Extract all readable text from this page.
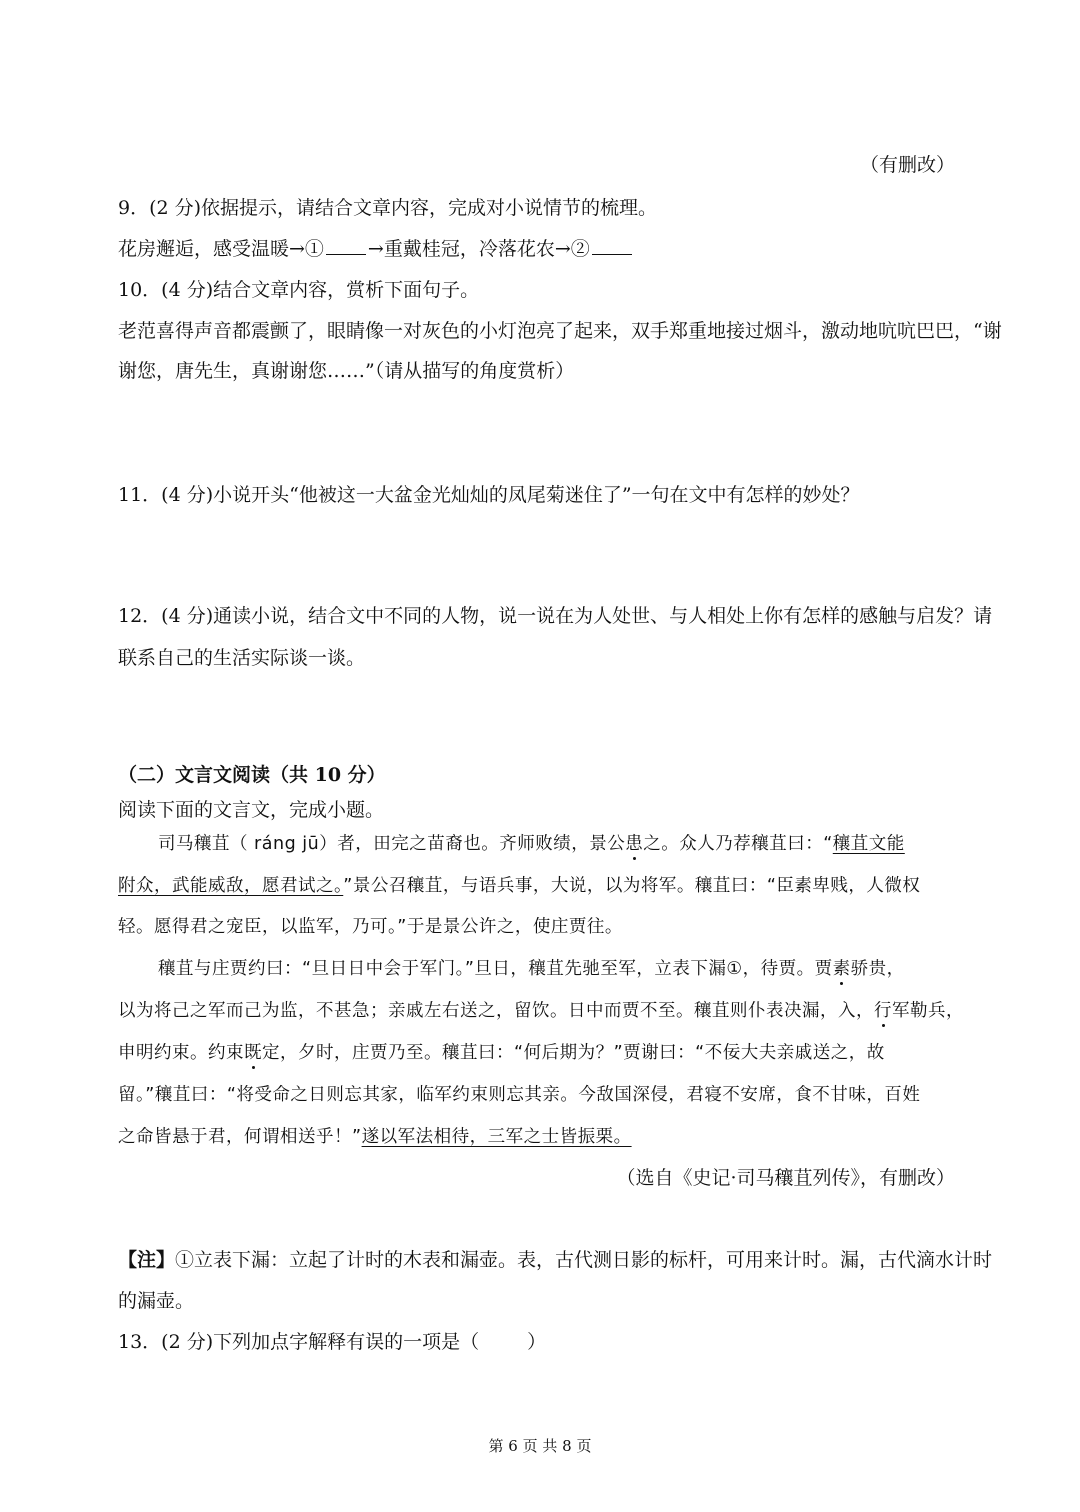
（有删改）
9．(2 分)依据提示，请结合文章内容，完成对小说情节的梳理。
花房邂逅，感受温暖→① →重戴桂冠，冷落花农→②
10．(4 分)结合文章内容，赏析下面句子。
老范喜得声音都震颤了，眼睛像一对灰色的小灯泡亮了起来，双手郑重地接过烟斗，激动地吭吭巴巴，“谢
谢您，唐先生，真谢谢您……”（请从描写的角度赏析）
11．(4 分)小说开头“他被这一大盆金光灿灿的凤尾菊迷住了”一句在文中有怎样的妙处？
12．(4 分)通读小说，结合文中不同的人物，说一说在为人处世、与人相处上你有怎样的感触与启发？请
联系自己的生活实际谈一谈。
（二）文言文阅读（共 10 分）
阅读下面的文言文，完成小题。
司马穰苴（ ráng jū）者，田完之苗裔也。齐师败绩，景公患之。众人乃荐穰苴曰：“穰苴文能
附众，武能威敌，愿君试之。”景公召穰苴，与语兵事，大说，以为将军。穰苴曰：“臣素卑贱，人微权
轻。愿得君之宠臣，以监军，乃可。”于是景公许之，使庄贾往。
穰苴与庄贾约曰：“旦日日中会于军门。”旦日，穰苴先驰至军，立表下漏①，待贾。贾素骄贵，
以为将己之军而己为监，不甚急；亲戚左右送之，留饮。日中而贾不至。穰苴则仆表决漏，入，行军勒兵，
申明约束。约束既定，夕时，庄贾乃至。穰苴曰：“何后期为？”贾谢曰：“不佞大夫亲戚送之，故
留。”穰苴曰：“将受命之日则忘其家，临军约束则忘其亲。今敌国深侵，君寝不安席，食不甘味，百姓
之命皆悬于君，何谓相送乎！”遂以军法相待，三军之士皆振栗。
（选自《史记·司马穰苴列传》，有删改）
【注】①立表下漏：立起了计时的木表和漏壶。表，古代测日影的标杆，可用来计时。漏，古代滴水计时
的漏壶。
13．(2 分)下列加点字解释有误的一项是（	）
第 6 页 共 8 页
